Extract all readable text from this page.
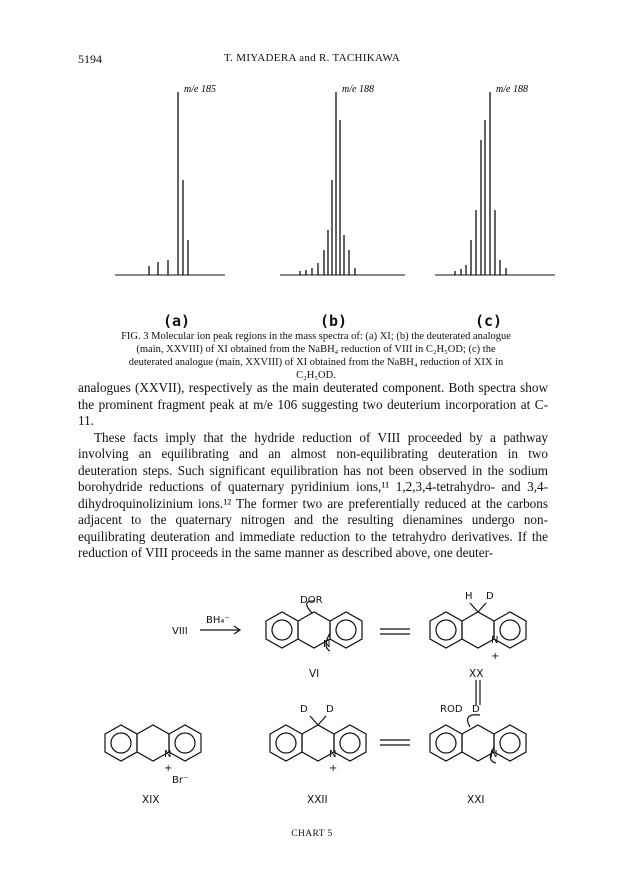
5194	T. MIYADERA and R. TACHIKAWA
m/e 185	m/e 188	m/e 188
(a)	(b)	(c)
FIG. 3 Molecular ion peak regions in the mass spectra of: (a) XI; (b) the deuterated analogue
(main, XXVIII) of XI obtained from the NaBH₄ reduction of VIII in C₂H₅OD; (c) the
deuterated analogue (main, XXVIII) of XI obtained from the NaBH₄ reduction of XIX in
C₂H₅OD.

analogues (XXVII), respectively as the main deuterated component. Both spectra show the prominent fragment peak at m/e 106 suggesting two deuterium incorporation at C-11.

These facts imply that the hydride reduction of VIII proceeded by a pathway involving an equilibrating and an almost non-equilibrating deuteration in two deuteration steps. Such significant equilibration has not been observed in the sodium borohydride reductions of quaternary pyridinium ions,¹¹ 1,2,3,4-tetrahydro- and 3,4-dihydroquinolizinium ions.¹² The former two are preferentially reduced at the carbons adjacent to the quaternary nitrogen and the resulting dienamines undergo non-equilibrating deuteration and immediate reduction to the tetrahydro derivatives. If the reduction of VIII proceeds in the same manner as described above, one deuter-

VIII
BH₄⁻
DOR
N
H D
N
+
N
+
Br⁻
D D
N
+
ROD D
N
VI	XX
XIX	XXII	XXI
CHART 5
